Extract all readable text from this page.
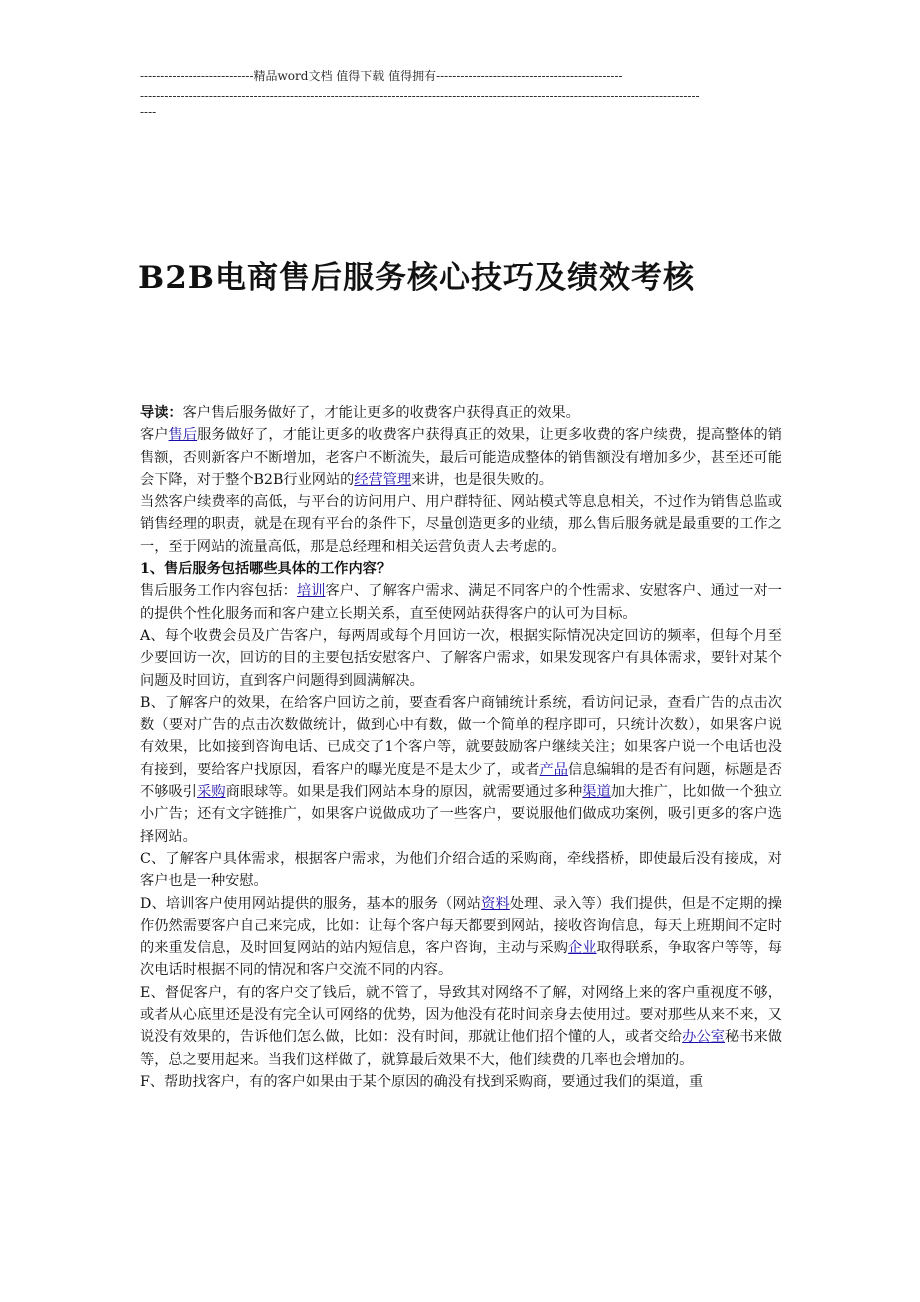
----------------------------精品word文档 值得下载 值得拥有----------------------------------------------
------------------------------------------------------------------------------------------------------------------------------------------
----
B2B电商售后服务核心技巧及绩效考核

导读：客户售后服务做好了，才能让更多的收费客户获得真正的效果。

客户售后服务做好了，才能让更多的收费客户获得真正的效果，让更多收费的客户续费，提高整体的销售额，否则新客户不断增加，老客户不断流失，最后可能造成整体的销售额没有增加多少，甚至还可能会下降，对于整个B2B行业网站的经营管理来讲，也是很失败的。

当然客户续费率的高低，与平台的访问用户、用户群特征、网站模式等息息相关，不过作为销售总监或销售经理的职责，就是在现有平台的条件下，尽量创造更多的业绩，那么售后服务就是最重要的工作之一，至于网站的流量高低，那是总经理和相关运营负责人去考虑的。

1、售后服务包括哪些具体的工作内容？

售后服务工作内容包括：培训客户、了解客户需求、满足不同客户的个性需求、安慰客户、通过一对一的提供个性化服务而和客户建立长期关系，直至使网站获得客户的认可为目标。

A、每个收费会员及广告客户，每两周或每个月回访一次，根据实际情况决定回访的频率，但每个月至少要回访一次，回访的目的主要包括安慰客户、了解客户需求，如果发现客户有具体需求，要针对某个问题及时回访，直到客户问题得到圆满解决。

B、了解客户的效果，在给客户回访之前，要查看客户商铺统计系统，看访问记录，查看广告的点击次数（要对广告的点击次数做统计，做到心中有数，做一个简单的程序即可，只统计次数），如果客户说有效果，比如接到咨询电话、已成交了1个客户等，就要鼓励客户继续关注；如果客户说一个电话也没有接到，要给客户找原因，看客户的曝光度是不是太少了，或者产品信息编辑的是否有问题，标题是否不够吸引采购商眼球等。如果是我们网站本身的原因，就需要通过多种渠道加大推广，比如做一个独立小广告；还有文字链推广，如果客户说做成功了一些客户，要说服他们做成功案例，吸引更多的客户选择网站。

C、了解客户具体需求，根据客户需求，为他们介绍合适的采购商，牵线搭桥，即使最后没有接成，对客户也是一种安慰。

D、培训客户使用网站提供的服务，基本的服务（网站资料处理、录入等）我们提供，但是不定期的操作仍然需要客户自己来完成，比如：让每个客户每天都要到网站，接收咨询信息，每天上班期间不定时的来重发信息，及时回复网站的站内短信息，客户咨询，主动与采购企业取得联系，争取客户等等，每次电话时根据不同的情况和客户交流不同的内容。

E、督促客户，有的客户交了钱后，就不管了，导致其对网络不了解，对网络上来的客户重视度不够，或者从心底里还是没有完全认可网络的优势，因为他没有花时间亲身去使用过。要对那些从来不来，又说没有效果的，告诉他们怎么做，比如：没有时间，那就让他们招个懂的人，或者交给办公室秘书来做等，总之要用起来。当我们这样做了，就算最后效果不大，他们续费的几率也会增加的。

F、帮助找客户，有的客户如果由于某个原因的确没有找到采购商，要通过我们的渠道，重
